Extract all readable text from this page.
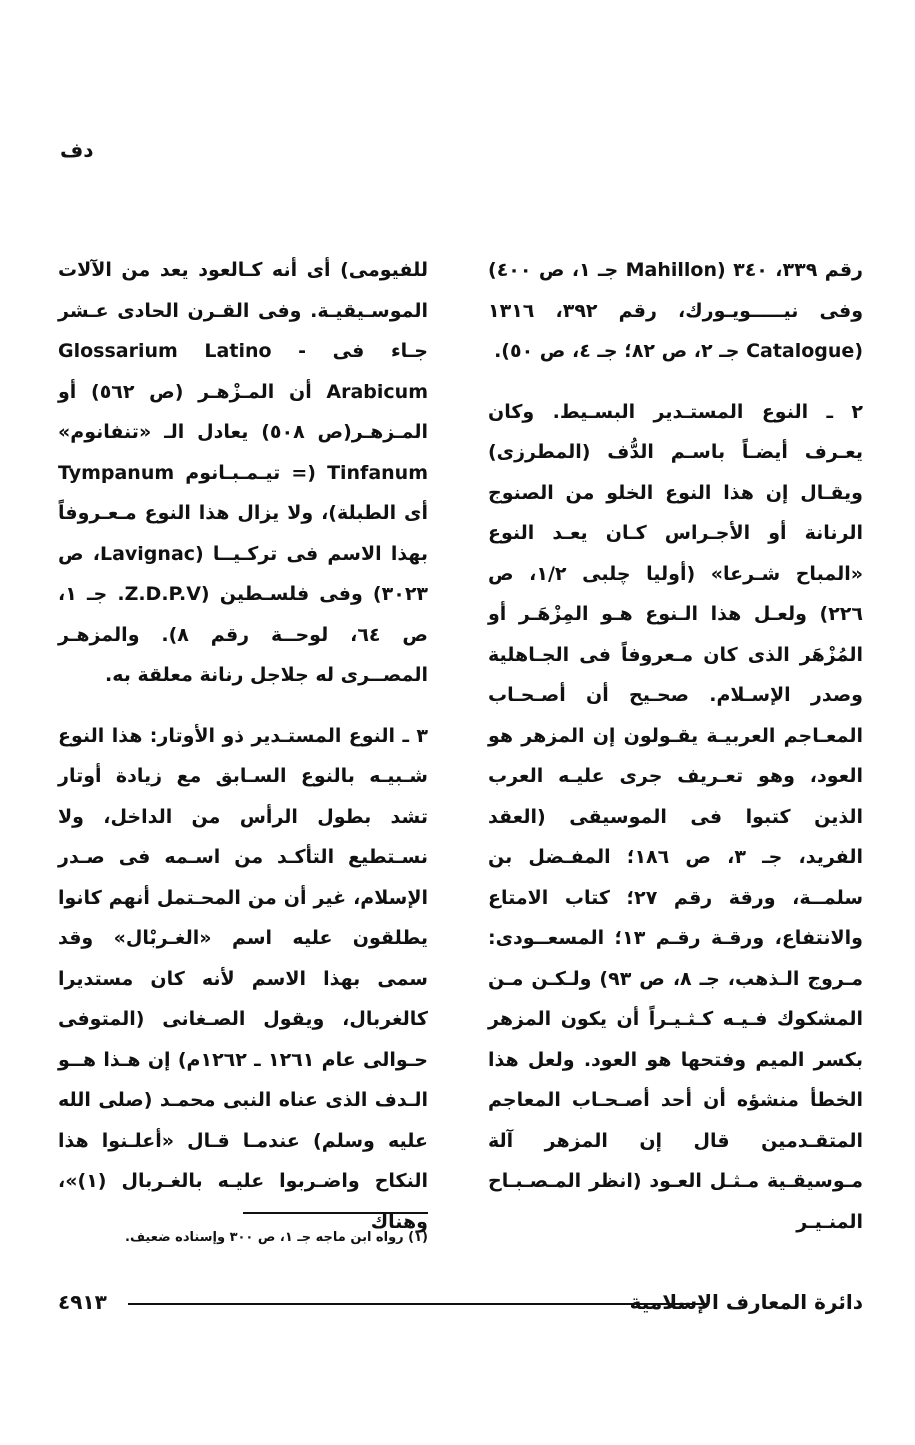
دف

رقم ٣٣٩، ٣٤٠ (Mahillon جـ ١، ص ٤٠٠) وفى نيـــــويـورك، رقم ٣٩٢، ١٣١٦ (Catalogue جـ ٢، ص ٨٢؛ جـ ٤، ص ٥٠).

٢ ـ النوع المستـدير البسـيط. وكان يعـرف أيضـاً باسـم الدُّف (المطرزى) ويقـال إن هذا النوع الخلو من الصنوج الرنانة أو الأجـراس كـان يعـد النوع «المباح شـرعا» (أوليا چلبى ١/٢، ص ٢٢٦) ولعـل هذا الـنوع هـو المِزْهَـر أو المُزْهَر الذى كان مـعروفاً فى الجـاهلية وصدر الإسـلام. صحـيح أن أصـحـاب المعـاجم العربيـة يقـولون إن المزهر هو العود، وهو تعـريف جرى عليـه العرب الذين كتبوا فى الموسيقى (العقد الفريد، جـ ٣، ص ١٨٦؛ المفـضل بن سلمــة، ورقة رقم ٢٧؛ كتاب الامتاع والانتفاع، ورقـة رقـم ١٣؛ المسعــودى: مـروج الـذهب، جـ ٨، ص ٩٣) ولـكـن مـن المشكوك فـيـه كـثـيـراً أن يكون المزهر بكسر الميم وفتحها هو العود. ولعل هذا الخطأ منشؤه أن أحد أصـحـاب المعاجم المتقـدمين قال إن المزهر آلة مـوسيقـية مـثـل العـود (انظر المـصـبـاح المنـيـر

للفيومى) أى أنه كـالعود يعد من الآلات الموسـيقيـة. وفى القـرن الحادى عـشر جـاء فى Glossarium Latino - Arabicum أن المـزْهـر (ص ٥٦٢) أو المـزهـر(ص ٥٠٨) يعادل الـ «تنفانوم» Tinfanum (= تيـمـبـانوم Tympanum أى الطبلة)، ولا يزال هذا النوع مـعـروفاً بهذا الاسم فى تركـيــا (Lavignac، ص ٣٠٢٣) وفى فلسـطين (Z.D.P.V. جـ ١، ص ٦٤، لوحــة رقم ٨). والمزهـر المصــرى له جلاجل رنانة معلقة به.

٣ ـ النوع المستـدير ذو الأوتار: هذا النوع شـبيـه بالنوع السـابق مع زيادة أوتار تشد بطول الرأس من الداخل، ولا نسـتطيع التأكـد من اسـمه فى صـدر الإسلام، غير أن من المحـتمل أنهم كانوا يطلقون عليه اسم «الغـربْال» وقد سمى بهذا الاسم لأنه كان مستديرا كالغربال، ويقول الصـغانى (المتوفى حـوالى عام ١٢٦١ ـ ١٢٦٢م) إن هـذا هــو الـدف الذى عناه النبى محمـد (صلى الله عليه وسلم) عندمـا قـال «أعلـنوا هذا النكاح واضـربوا عليـه بالغـربال (١)»، وهناك

(١) رواه ابن ماجه جـ ١، ص ٣٠٠ وإسناده ضعيف.
٤٩١٣	دائرة المعارف الإسلامية
